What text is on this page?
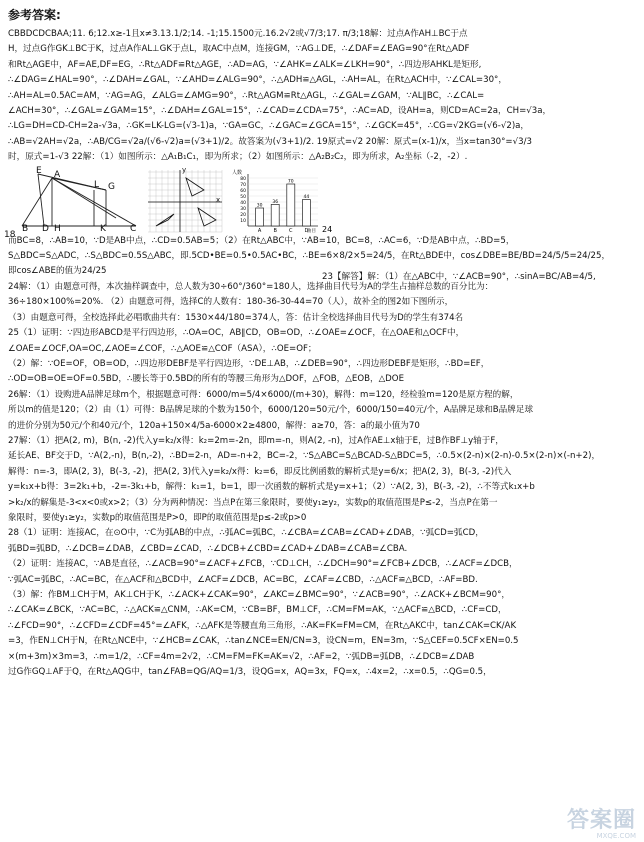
参考答案:
CBBDCDCBAA;11. 6;12.x≥-1且x≠3.13.1/2;14. -1;15.1500元.16.2√2或√7/3;17. π/3;18解：过点A作AH⊥BC于点
H，过点G作GK⊥BC于K，过点A作AL⊥GK于点L，取AC中点M，连接GM，∵AG⊥DE，∴∠DAF=∠EAG=90°在Rt△ADF
和Rt△AGE中，AF=AE,DF=EG，∴Rt△ADF≌Rt△AGE，∴AD=AG，∵∠AHK=∠ALK=∠LKH=90°，∴四边形AHKL是矩形,
∴∠DAG=∠HAL=90°，∴∠DAH=∠GAL，∵∠AHD=∠ALG=90°，∴△ADH≌△AGL，∴AH=AL，在Rt△ACH中，∵∠CAL=30°，
∴AH=AL=0.5AC=AM，∵AG=AG，∠ALG=∠AMG=90°，∴Rt△AGM≌Rt△AGL，∴∠GAL=∠GAM，∵AL∥BC，∴∠CAL=
∠ACH=30°，∴∠GAL=∠GAM=15°，∴∠DAH=∠GAL=15°，∴∠CAD=∠CDA=75°，∴AC=AD，设AH=a，则CD=AC=2a，CH=√3a，
∴LG=DH=CD-CH=2a-√3a，∴GK=LK-LG=(√3-1)a，∵GA=GC，∴∠GAC=∠GCA=15°，∴∠GCK=45°，∴CG=√2KG=(√6-√2)a，
∴AB=√2AH=√2a，∴AB/CG=√2a/(√6-√2)a=(√3+1)/2。故答案为(√3+1)/2. 19原式=√2 20解：原式=(x-1)/x，当x=tan30°=√3/3
时，原式=1-√3 22解：（1）如图所示：△A₁B₁C₁，即为所求；（2）如图所示：△A₂B₂C₂，即为所求，A₂坐标（-2，-2）.
E A
L G
B D H	K	C
18
x
y
80
70
60
50
40
30
20
10
人数
30
A
36
B
70
C
44
D
曲目 24
23【解答】解：（1）在△ABC中，∵∠ACB=90°，∴sinA=BC/AB=4/5,
而BC=8，∴AB=10，∵D是AB中点，∴CD=0.5AB=5；（2）在Rt△ABC中，∵AB=10，BC=8，∴AC=6，∵D是AB中点，∴BD=5，
S△BDC=S△ADC，∴S△BDC=0.5S△ABC，即.5CD•BE=0.5•0.5AC•BC，∴BE=6×8/2×5=24/5，在Rt△BDE中，cos∠DBE=BE/BD=24/5/5=24/25，
即cos∠ABE的值为24/25
24解：（1）由题意可得，本次抽样调查中，总人数为30÷60°/360°=180人，选择曲目代号为A的学生占抽样总数的百分比为：
36÷180×100%=20%. （2）由题意可得，选择C的人数有：180-36-30-44=70（人），故补全的图2如下图所示，
（3）由题意可得，全校选择此必唱歌曲共有：1530×44/180=374人，答：估计全校选择曲目代号为D的学生有374名
25（1）证明：∵四边形ABCD是平行四边形，∴OA=OC，AB∥CD，OB=OD，∴∠OAE=∠OCF，在△OAE和△OCF中，
∠OAE=∠OCF,OA=OC,∠AOE=∠COF，∴△AOE≌△COF（ASA），∴OE=OF；
（2）解：∵OE=OF，OB=OD，∴四边形DEBF是平行四边形，∵DE⊥AB，∴∠DEB=90°，∴四边形DEBF是矩形，∴BD=EF，
∴OD=OB=OE=OF=0.5BD，∴腰长等于0.5BD的所有的等腰三角形为△DOF，△FOB，△EOB，△DOE
26解：（1）设购进A品牌足球m个，根据题意可得：6000/m=5/4×6000/(m+30)，解得：m=120，经检验m=120是原方程的解，
所以m的值是120；（2）由（1）可得：B品牌足球的个数为150个，6000/120=50元/个，6000/150=40元/个，A品牌足球和B品牌足球
的进价分别为50元/个和40元/个，120a+150×4/5a-6000×2≥4800，解得：a≥70，答：a的最小值为70
27解：（1）把A(2, m)，B(n, -2)代入y=k₂/x得：k₂=2m=-2n，即m=-n，则A(2, -n)，过A作AE⊥x轴于E，过B作BF⊥y轴于F，
延长AE、BF交于D，∵A(2,-n)，B(n,-2)，∴BD=2-n，AD=-n+2，BC=-2，∵S△ABC=S△BCAD-S△BDC=5，∴0.5×(2-n)×(2-n)-0.5×(2-n)×(-n+2)，
解得：n=-3，即A(2, 3)，B(-3, -2)，把A(2, 3)代入y=k₂/x得：k₂=6，即反比例函数的解析式是y=6/x；把A(2, 3)，B(-3, -2)代入
y=k₁x+b得：3=2k₁+b，-2=-3k₁+b，解得：k₁=1，b=1，即一次函数的解析式是y=x+1；（2）∵A(2, 3)，B(-3, -2)，∴不等式k₁x+b
>k₂/x的解集是-3<x<0或x>2；（3）分为两种情况：当点P在第三象限时，要使y₁≥y₂，实数p的取值范围是P≤-2，当点P在第一
象限时，要使y₁≥y₂，实数p的取值范围是P>0，即P的取值范围是p≤-2或p>0
28（1）证明：连接AC，在⊙O中，∵C为弧AB的中点，∴弧AC=弧BC，∴∠CBA=∠CAB=∠CAD+∠DAB，∵弧CD=弧CD，
弧BD=弧BD，∴∠DCB=∠DAB，∠CBD=∠CAD，∴∠DCB+∠CBD=∠CAD+∠DAB=∠CAB=∠CBA.
（2）证明：连接AC，∵AB是直径，∴∠ACB=90°=∠ACF+∠FCB，∵CD⊥CH，∴∠DCH=90°=∠FCB+∠DCB，∴∠ACF=∠DCB，
∵弧AC=弧BC，∴AC=BC，在△ACF和△BCD中，∠ACF=∠DCB，AC=BC，∠CAF=∠CBD，∴△ACF≌△BCD，∴AF=BD.
（3）解：作BM⊥CH于M，AK⊥CH于K，∴∠ACK+∠CAK=90°，∠AKC=∠BMC=90°，∵∠ACB=90°，∴∠ACK+∠BCM=90°，
∴∠CAK=∠BCK，∵AC=BC，∴△ACK≌△CNM，∴AK=CM，∵CB=BF，BM⊥CF，∴CM=FM=AK，∵△ACF≌△BCD，∴CF=CD，
∴∠FCD=90°，∴∠CFD=∠CDF=45°=∠AFK，∴△AFK是等腰直角三角形，∴AK=FK=FM=CM，在Rt△AKC中，tan∠CAK=CK/AK
=3，作EN⊥CH于N，在Rt△NCE中，∵∠HCB=∠CAK，∴tan∠NCE=EN/CN=3，设CN=m，EN=3m，∵S△CEF=0.5CF×EN=0.5
×(m+3m)×3m=3，∴m=1/2，∴CF=4m=2√2，∴CM=FM=FK=AK=√2，∴AF=2，∵弧DB=弧DB，∴∠DCB=∠DAB
过G作GQ⊥AF于Q，在Rt△AQG中，tan∠FAB=QG/AQ=1/3，设QG=x，AQ=3x，FQ=x，∴4x=2，∴x=0.5，∴QG=0.5，
答案圈
MXQE.COM
